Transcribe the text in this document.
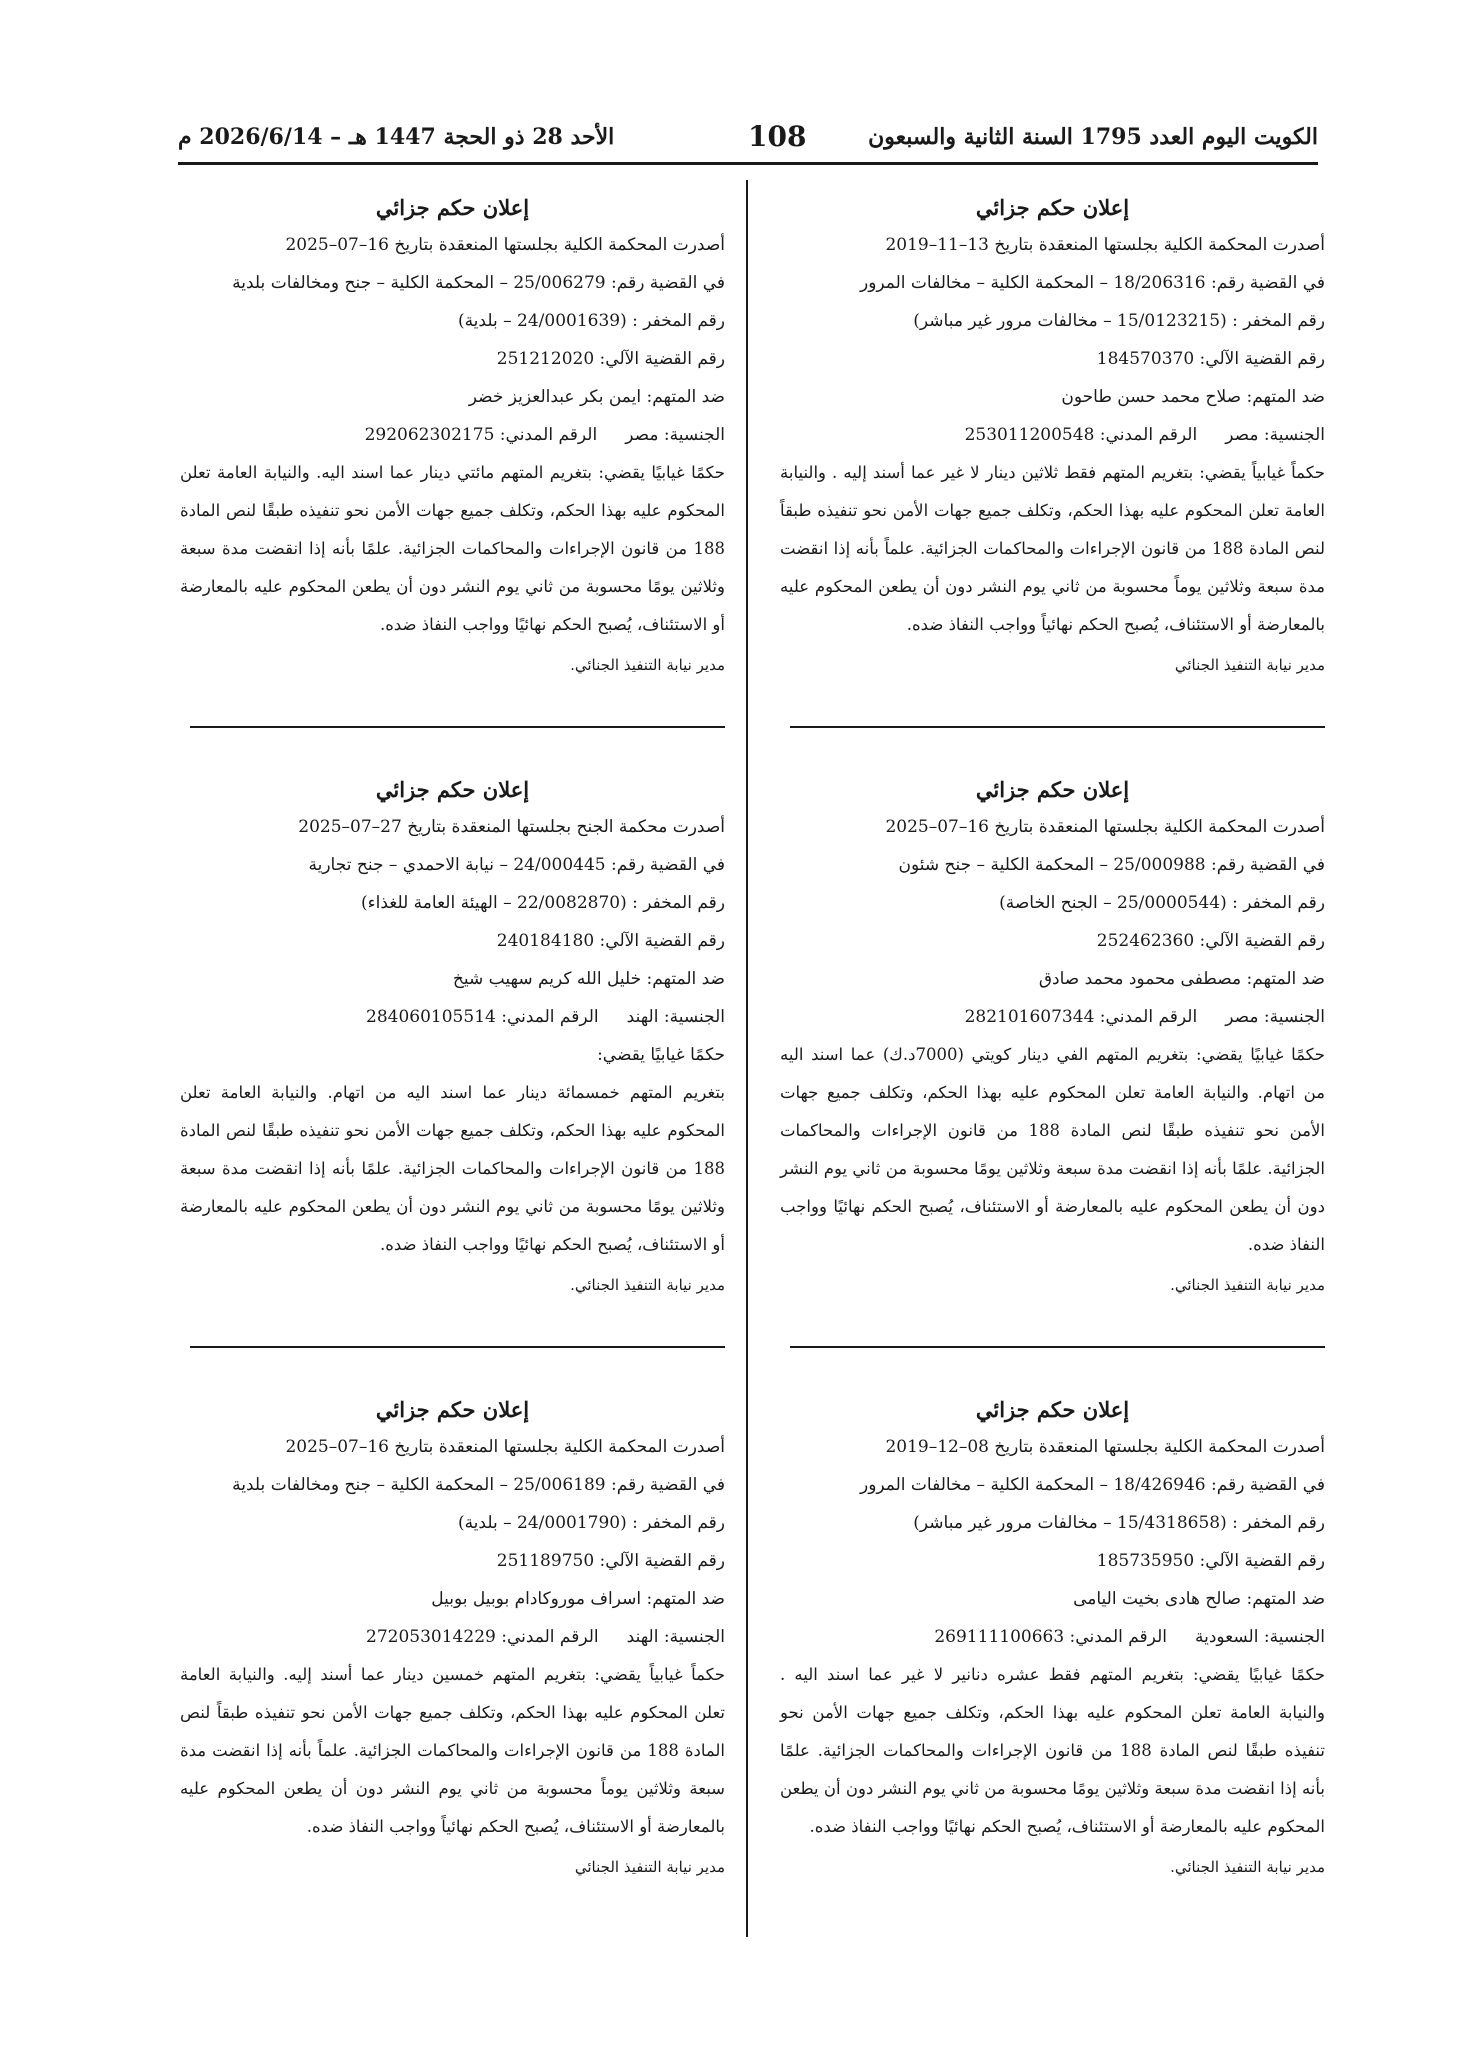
الكويت اليوم العدد 1795 السنة الثانية والسبعون
108
الأحد 28 ذو الحجة 1447 هـ – 2026/6/14 م
إعلان حكم جزائي
أصدرت المحكمة الكلية بجلستها المنعقدة بتاريخ 13–11–2019
في القضية رقم: 18/206316 – المحكمة الكلية – مخالفات المرور
رقم المخفر : (15/0123215 – مخالفات مرور غير مباشر)
رقم القضية الآلي: 184570370
ضد المتهم: صلاح محمد حسن طاحون
الجنسية: مصرالرقم المدني: 253011200548
حكماً غيابياً يقضي: بتغريم المتهم فقط ثلاثين دينار لا غير عما أسند إليه . والنيابة العامة تعلن المحكوم عليه بهذا الحكم، وتكلف جميع جهات الأمن نحو تنفيذه طبقاً لنص المادة 188 من قانون الإجراءات والمحاكمات الجزائية. علماً بأنه إذا انقضت مدة سبعة وثلاثين يوماً محسوبة من ثاني يوم النشر دون أن يطعن المحكوم عليه بالمعارضة أو الاستئناف، يُصبح الحكم نهائياً وواجب النفاذ ضده.
مدير نيابة التنفيذ الجنائي
إعلان حكم جزائي
أصدرت المحكمة الكلية بجلستها المنعقدة بتاريخ 16–07–2025
في القضية رقم: 25/000988 – المحكمة الكلية – جنح شئون
رقم المخفر : (25/0000544 – الجنح الخاصة)
رقم القضية الآلي: 252462360
ضد المتهم: مصطفى محمود محمد صادق
الجنسية: مصرالرقم المدني: 282101607344
حكمًا غيابيًا يقضي: بتغريم المتهم الفي دينار كويتي (7000د.ك) عما اسند اليه من اتهام. والنيابة العامة تعلن المحكوم عليه بهذا الحكم، وتكلف جميع جهات الأمن نحو تنفيذه طبقًا لنص المادة 188 من قانون الإجراءات والمحاكمات الجزائية. علمًا بأنه إذا انقضت مدة سبعة وثلاثين يومًا محسوبة من ثاني يوم النشر دون أن يطعن المحكوم عليه بالمعارضة أو الاستئناف، يُصبح الحكم نهائيًا وواجب النفاذ ضده.
مدير نيابة التنفيذ الجنائي.
إعلان حكم جزائي
أصدرت المحكمة الكلية بجلستها المنعقدة بتاريخ 08–12–2019
في القضية رقم: 18/426946 – المحكمة الكلية – مخالفات المرور
رقم المخفر : (15/4318658 – مخالفات مرور غير مباشر)
رقم القضية الآلي: 185735950
ضد المتهم: صالح هادى بخيت اليامى
الجنسية: السعوديةالرقم المدني: 269111100663
حكمًا غيابيًا يقضي: بتغريم المتهم فقط عشره دنانير لا غير عما اسند اليه . والنيابة العامة تعلن المحكوم عليه بهذا الحكم، وتكلف جميع جهات الأمن نحو تنفيذه طبقًا لنص المادة 188 من قانون الإجراءات والمحاكمات الجزائية. علمًا بأنه إذا انقضت مدة سبعة وثلاثين يومًا محسوبة من ثاني يوم النشر دون أن يطعن المحكوم عليه بالمعارضة أو الاستئناف، يُصبح الحكم نهائيًا وواجب النفاذ ضده.
مدير نيابة التنفيذ الجنائي.
إعلان حكم جزائي
أصدرت المحكمة الكلية بجلستها المنعقدة بتاريخ 16–07–2025
في القضية رقم: 25/006279 – المحكمة الكلية – جنح ومخالفات بلدية
رقم المخفر : (24/0001639 – بلدية)
رقم القضية الآلي: 251212020
ضد المتهم: ايمن بكر عبدالعزيز خضر
الجنسية: مصرالرقم المدني: 292062302175
حكمًا غيابيًا يقضي: بتغريم المتهم مائتي دينار عما اسند اليه. والنيابة العامة تعلن المحكوم عليه بهذا الحكم، وتكلف جميع جهات الأمن نحو تنفيذه طبقًا لنص المادة 188 من قانون الإجراءات والمحاكمات الجزائية. علمًا بأنه إذا انقضت مدة سبعة وثلاثين يومًا محسوبة من ثاني يوم النشر دون أن يطعن المحكوم عليه بالمعارضة أو الاستئناف، يُصبح الحكم نهائيًا وواجب النفاذ ضده.
مدير نيابة التنفيذ الجنائي.
إعلان حكم جزائي
أصدرت محكمة الجنح بجلستها المنعقدة بتاريخ 27–07–2025
في القضية رقم: 24/000445 – نيابة الاحمدي – جنح تجارية
رقم المخفر : (22/0082870 – الهيئة العامة للغذاء)
رقم القضية الآلي: 240184180
ضد المتهم: خليل الله كريم سهيب شيخ
الجنسية: الهندالرقم المدني: 284060105514
حكمًا غيابيًا يقضي:
بتغريم المتهم خمسمائة دينار عما اسند اليه من اتهام. والنيابة العامة تعلن المحكوم عليه بهذا الحكم، وتكلف جميع جهات الأمن نحو تنفيذه طبقًا لنص المادة 188 من قانون الإجراءات والمحاكمات الجزائية. علمًا بأنه إذا انقضت مدة سبعة وثلاثين يومًا محسوبة من ثاني يوم النشر دون أن يطعن المحكوم عليه بالمعارضة أو الاستئناف، يُصبح الحكم نهائيًا وواجب النفاذ ضده.
مدير نيابة التنفيذ الجنائي.
إعلان حكم جزائي
أصدرت المحكمة الكلية بجلستها المنعقدة بتاريخ 16–07–2025
في القضية رقم: 25/006189 – المحكمة الكلية – جنح ومخالفات بلدية
رقم المخفر : (24/0001790 – بلدية)
رقم القضية الآلي: 251189750
ضد المتهم: اسراف موروكادام بوبيل بوبيل
الجنسية: الهندالرقم المدني: 272053014229
حكماً غيابياً يقضي: بتغريم المتهم خمسين دينار عما أسند إليه. والنيابة العامة تعلن المحكوم عليه بهذا الحكم، وتكلف جميع جهات الأمن نحو تنفيذه طبقاً لنص المادة 188 من قانون الإجراءات والمحاكمات الجزائية. علماً بأنه إذا انقضت مدة سبعة وثلاثين يوماً محسوبة من ثاني يوم النشر دون أن يطعن المحكوم عليه بالمعارضة أو الاستئناف، يُصبح الحكم نهائياً وواجب النفاذ ضده.
مدير نيابة التنفيذ الجنائي
